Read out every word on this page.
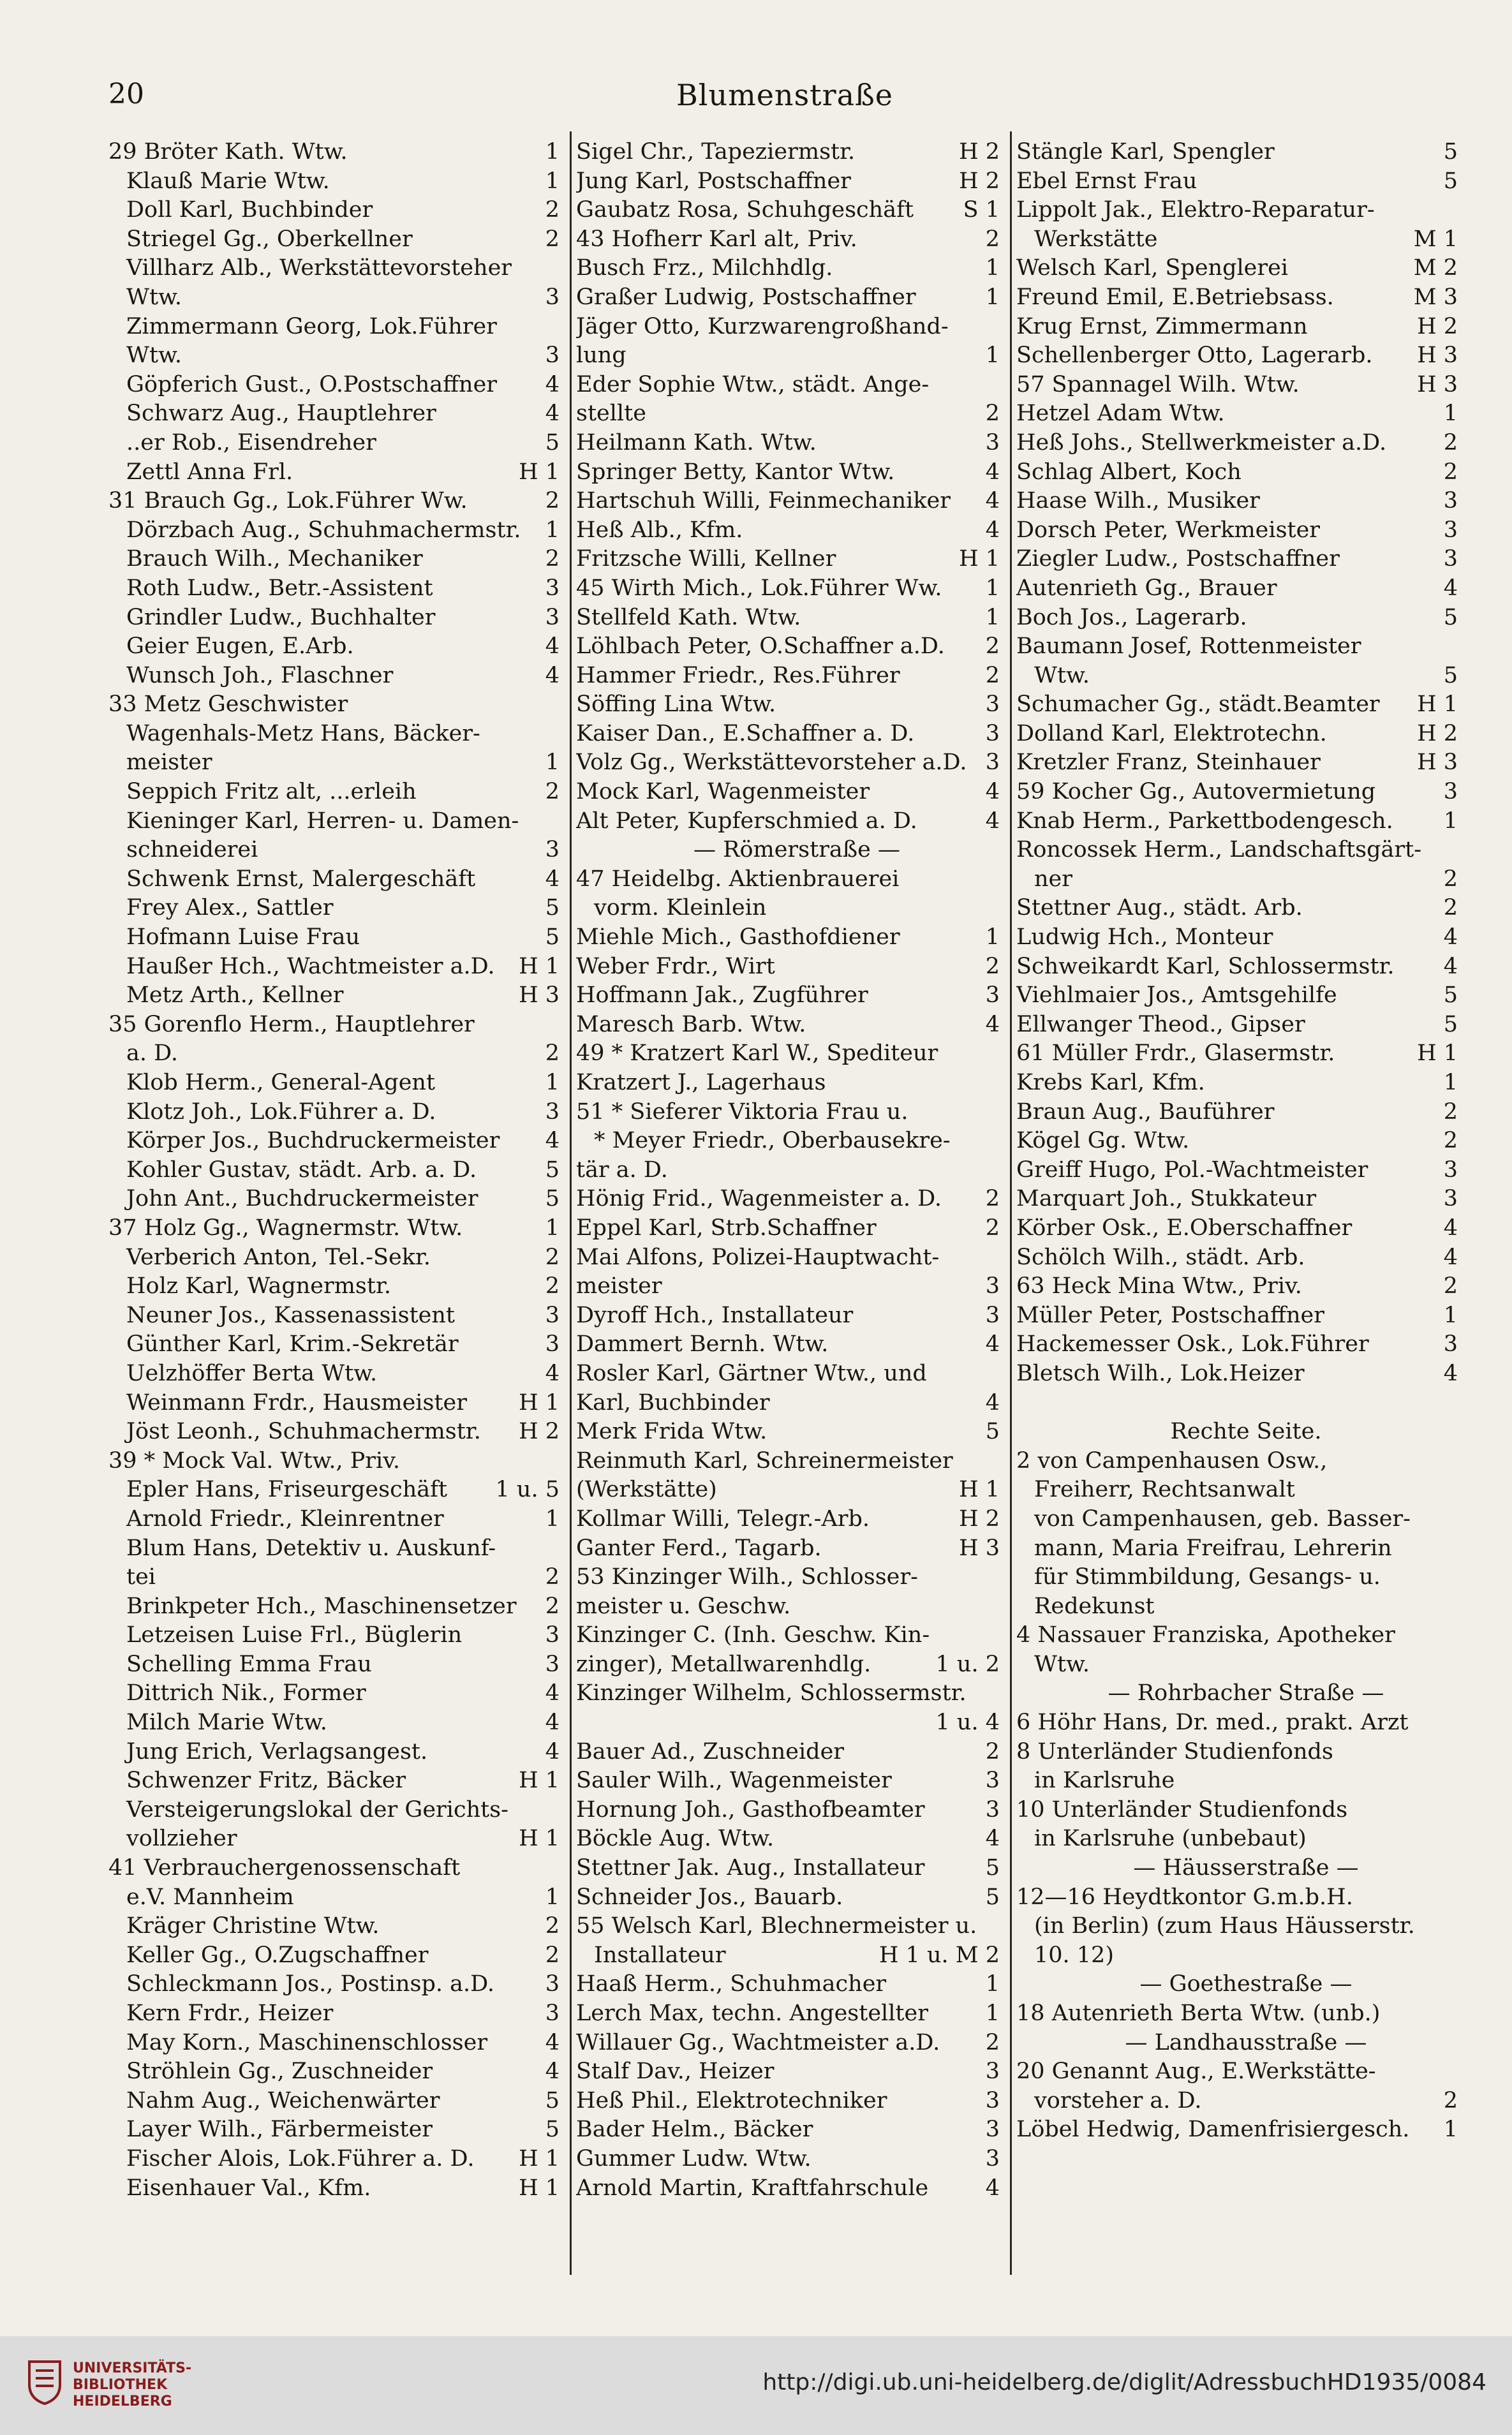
Blumenstraße
20
29 Bröter Kath. Wtw.	1
Klauß Marie Wtw.	1
Doll Karl, Buchbinder	2
Striegel Gg., Oberkellner	2
Villharz Alb., Werkstättevorsteher
Wtw.	3
Zimmermann Georg, Lok.Führer
Wtw.	3
Göpferich Gust., O.Postschaffner 4
Schwarz Aug., Hauptlehrer	4
..er Rob., Eisendreher	5
Zettl Anna Frl.	H 1
31 Brauch Gg., Lok.Führer Ww.	2
Dörzbach Aug., Schuhmachermstr. 1
Brauch Wilh., Mechaniker	2
Roth Ludw., Betr.-Assistent	3
Grindler Ludw., Buchhalter	3
Geier Eugen, E.Arb.	4
Wunsch Joh., Flaschner	4
33 Metz Geschwister
Wagenhals-Metz Hans, Bäcker-
meister	1
Seppich Fritz alt, ...erleih	2
Kieninger Karl, Herren- u. Damen-
schneiderei	3
Schwenk Ernst, Malergeschäft	4
Frey Alex., Sattler	5
Hofmann Luise Frau	5
Haußer Hch., Wachtmeister a.D. H 1
Metz Arth., Kellner	H 3
35 Gorenflo Herm., Hauptlehrer
a. D.	2
Klob Herm., General-Agent	1
Klotz Joh., Lok.Führer a. D.	3
Körper Jos., Buchdruckermeister 4
Kohler Gustav, städt. Arb. a. D.	5
John Ant., Buchdruckermeister	5
37 Holz Gg., Wagnermstr. Wtw.	1
Verberich Anton, Tel.-Sekr.	2
Holz Karl, Wagnermstr.	2
Neuner Jos., Kassenassistent	3
Günther Karl, Krim.-Sekretär	3
Uelzhöffer Berta Wtw.	4
Weinmann Frdr., Hausmeister H 1
Jöst Leonh., Schuhmachermstr. H 2
39 * Mock Val. Wtw., Priv.
Epler Hans, Friseurgeschäft 1 u. 5
Arnold Friedr., Kleinrentner	1
Blum Hans, Detektiv u. Auskunf-
tei	2
Brinkpeter Hch., Maschinensetzer 2
Letzeisen Luise Frl., Büglerin	3
Schelling Emma Frau	3
Dittrich Nik., Former	4
Milch Marie Wtw.	4
Jung Erich, Verlagsangest.	4
Schwenzer Fritz, Bäcker	H 1
Versteigerungslokal der Gerichts-
vollzieher	H 1
41 Verbrauchergenossenschaft
e.V. Mannheim	1
Kräger Christine Wtw.	2
Keller Gg., O.Zugschaffner	2
Schleckmann Jos., Postinsp. a.D. 3
Kern Frdr., Heizer	3
May Korn., Maschinenschlosser	4
Ströhlein Gg., Zuschneider	4
Nahm Aug., Weichenwärter	5
Layer Wilh., Färbermeister	5
Fischer Alois, Lok.Führer a. D. H 1
Eisenhauer Val., Kfm.	H 1
Sigel Chr., Tapeziermstr.	H 2
Jung Karl, Postschaffner	H 2
Gaubatz Rosa, Schuhgeschäft S 1
43 Hofherr Karl alt, Priv.	2
Busch Frz., Milchhdlg.	1
Graßer Ludwig, Postschaffner	1
Jäger Otto, Kurzwarengroßhand-
lung	1
Eder Sophie Wtw., städt. Ange-
stellte	2
Heilmann Kath. Wtw.	3
Springer Betty, Kantor Wtw.	4
Hartschuh Willi, Feinmechaniker 4
Heß Alb., Kfm.	4
Fritzsche Willi, Kellner	H 1
45 Wirth Mich., Lok.Führer Ww. 1
Stellfeld Kath. Wtw.	1
Löhlbach Peter, O.Schaffner a.D. 2
Hammer Friedr., Res.Führer	2
Söffing Lina Wtw.	3
Kaiser Dan., E.Schaffner a. D.	3
Volz Gg., Werkstättevorsteher a.D. 3
Mock Karl, Wagenmeister	4
Alt Peter, Kupferschmied a. D.	4
— Römerstraße —
47 Heidelbg. Aktienbrauerei
vorm. Kleinlein
Miehle Mich., Gasthofdiener	1
Weber Frdr., Wirt	2
Hoffmann Jak., Zugführer	3
Maresch Barb. Wtw.	4
49 * Kratzert Karl W., Spediteur
Kratzert J., Lagerhaus
51 * Sieferer Viktoria Frau u.
* Meyer Friedr., Oberbausekre-
tär a. D.
Hönig Frid., Wagenmeister a. D. 2
Eppel Karl, Strb.Schaffner	2
Mai Alfons, Polizei-Hauptwacht-
meister	3
Dyroff Hch., Installateur	3
Dammert Bernh. Wtw.	4
Rosler Karl, Gärtner Wtw., und
Karl, Buchbinder	4
Merk Frida Wtw.	5
Reinmuth Karl, Schreinermeister
(Werkstätte)	H 1
Kollmar Willi, Telegr.-Arb.	H 2
Ganter Ferd., Tagarb.	H 3
53 Kinzinger Wilh., Schlosser-
meister u. Geschw.
Kinzinger C. (Inh. Geschw. Kin-
zinger), Metallwarenhdlg.	1 u. 2
Kinzinger Wilhelm, Schlossermstr.
1 u. 4
Bauer Ad., Zuschneider	2
Sauler Wilh., Wagenmeister	3
Hornung Joh., Gasthofbeamter	3
Böckle Aug. Wtw.	4
Stettner Jak. Aug., Installateur	5
Schneider Jos., Bauarb.	5
55 Welsch Karl, Blechnermeister u.
Installateur	H 1 u. M 2
Haaß Herm., Schuhmacher	1
Lerch Max, techn. Angestellter	1
Willauer Gg., Wachtmeister a.D. 2
Stalf Dav., Heizer	3
Heß Phil., Elektrotechniker	3
Bader Helm., Bäcker	3
Gummer Ludw. Wtw.	3
Arnold Martin, Kraftfahrschule	4
Stängle Karl, Spengler	5
Ebel Ernst Frau	5
Lippolt Jak., Elektro-Reparatur-
Werkstätte	M 1
Welsch Karl, Spenglerei	M 2
Freund Emil, E.Betriebsass.	M 3
Krug Ernst, Zimmermann	H 2
Schellenberger Otto, Lagerarb. H 3
57 Spannagel Wilh. Wtw.	H 3
Hetzel Adam Wtw.	1
Heß Johs., Stellwerkmeister a.D.	2
Schlag Albert, Koch	2
Haase Wilh., Musiker	3
Dorsch Peter, Werkmeister	3
Ziegler Ludw., Postschaffner	3
Autenrieth Gg., Brauer	4
Boch Jos., Lagerarb.	5
Baumann Josef, Rottenmeister
Wtw.	5
Schumacher Gg., städt.Beamter H 1
Dolland Karl, Elektrotechn.	H 2
Kretzler Franz, Steinhauer	H 3
59 Kocher Gg., Autovermietung	3
Knab Herm., Parkettbodengesch. 1
Roncossek Herm., Landschaftsgärt-
ner	2
Stettner Aug., städt. Arb.	2
Ludwig Hch., Monteur	4
Schweikardt Karl, Schlossermstr. 4
Viehlmaier Jos., Amtsgehilfe	5
Ellwanger Theod., Gipser	5
61 Müller Frdr., Glasermstr.	H 1
Krebs Karl, Kfm.	1
Braun Aug., Bauführer	2
Kögel Gg. Wtw.	2
Greiff Hugo, Pol.-Wachtmeister	3
Marquart Joh., Stukkateur	3
Körber Osk., E.Oberschaffner	4
Schölch Wilh., städt. Arb.	4
63 Heck Mina Wtw., Priv.	2
Müller Peter, Postschaffner	1
Hackemesser Osk., Lok.Führer	3
Bletsch Wilh., Lok.Heizer	4
Rechte Seite.
2 von Campenhausen Osw.,
Freiherr, Rechtsanwalt
von Campenhausen, geb. Basser-
mann, Maria Freifrau, Lehrerin
für Stimmbildung, Gesangs- u.
Redekunst
4 Nassauer Franziska, Apotheker
Wtw.
— Rohrbacher Straße —
6 Höhr Hans, Dr. med., prakt. Arzt
8 Unterländer Studienfonds
in Karlsruhe
10 Unterländer Studienfonds
in Karlsruhe (unbebaut)
— Häusserstraße —
12—16 Heydtkontor G.m.b.H.
(in Berlin) (zum Haus Häusserstr.
10. 12)
— Goethestraße —
18 Autenrieth Berta Wtw. (unb.)
— Landhausstraße —
20 Genannt Aug., E.Werkstätte-
vorsteher a. D.	2
Löbel Hedwig, Damenfrisiergesch. 1
UNIVERSITÄTS-
BIBLIOTHEK
HEIDELBERG
http://digi.ub.uni-heidelberg.de/diglit/AdressbuchHD1935/0084
